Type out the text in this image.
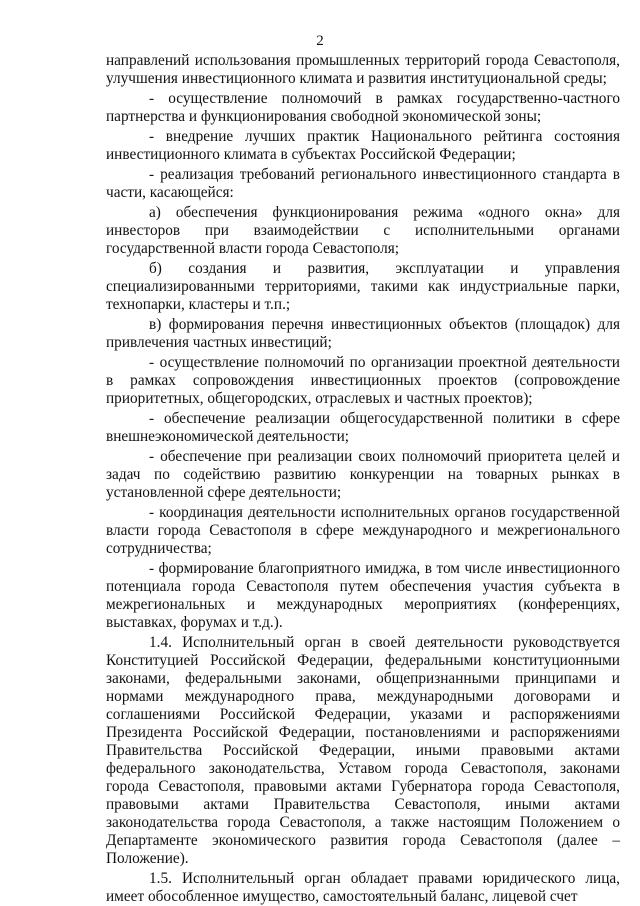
2

направлений использования промышленных территорий города Севастополя, улучшения инвестиционного климата и развития институциональной среды;

- осуществление полномочий в рамках государственно-частного партнерства и функционирования свободной экономической зоны;

- внедрение лучших практик Национального рейтинга состояния инвестиционного климата в субъектах Российской Федерации;

- реализация требований регионального инвестиционного стандарта в части, касающейся:

а) обеспечения функционирования режима «одного окна» для инвесторов при взаимодействии с исполнительными органами государственной власти города Севастополя;

б) создания и развития, эксплуатации и управления специализированными территориями, такими как индустриальные парки, технопарки, кластеры и т.п.;

в) формирования перечня инвестиционных объектов (площадок) для привлечения частных инвестиций;

- осуществление полномочий по организации проектной деятельности в рамках сопровождения инвестиционных проектов (сопровождение приоритетных, общегородских, отраслевых и частных проектов);

- обеспечение реализации общегосударственной политики в сфере внешнеэкономической деятельности;

- обеспечение при реализации своих полномочий приоритета целей и задач по содействию развитию конкуренции на товарных рынках в установленной сфере деятельности;

- координация деятельности исполнительных органов государственной власти города Севастополя в сфере международного и межрегионального сотрудничества;

- формирование благоприятного имиджа, в том числе инвестиционного потенциала города Севастополя путем обеспечения участия субъекта в межрегиональных и международных мероприятиях (конференциях, выставках, форумах и т.д.).

1.4. Исполнительный орган в своей деятельности руководствуется Конституцией Российской Федерации, федеральными конституционными законами, федеральными законами, общепризнанными принципами и нормами международного права, международными договорами и соглашениями Российской Федерации, указами и распоряжениями Президента Российской Федерации, постановлениями и распоряжениями Правительства Российской Федерации, иными правовыми актами федерального законодательства, Уставом города Севастополя, законами города Севастополя, правовыми актами Губернатора города Севастополя, правовыми актами Правительства Севастополя, иными актами законодательства города Севастополя, а также настоящим Положением о Департаменте экономического развития города Севастополя (далее – Положение).

1.5. Исполнительный орган обладает правами юридического лица, имеет обособленное имущество, самостоятельный баланс, лицевой счет
